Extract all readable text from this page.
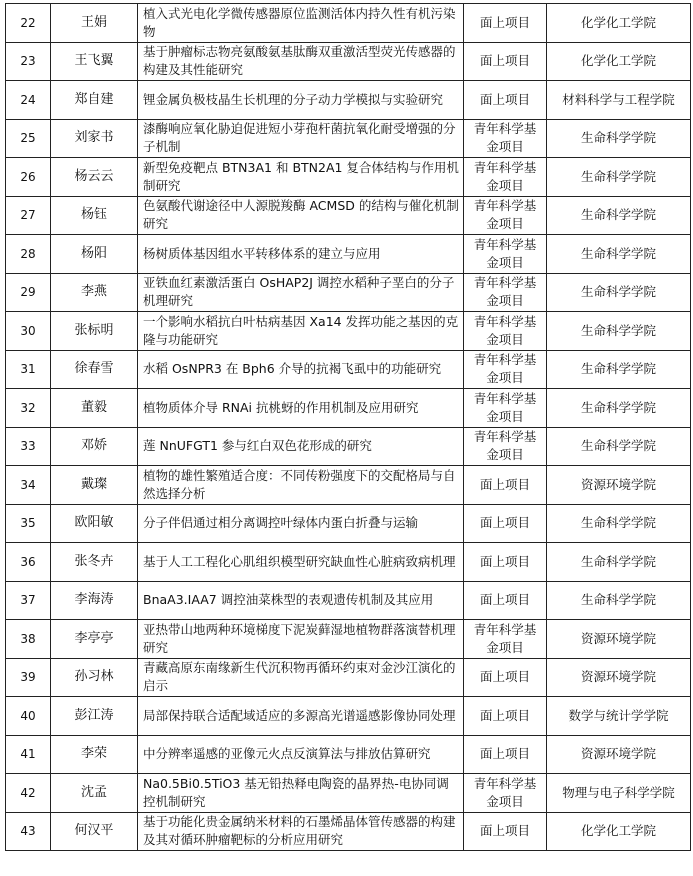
22	王娟	植入式光电化学微传感器原位监测活体内持久性有机污染物	面上项目	化学化工学院
23	王飞翼	基于肿瘤标志物亮氨酸氨基肽酶双重激活型荧光传感器的构建及其性能研究	面上项目	化学化工学院
24	郑自建	锂金属负极枝晶生长机理的分子动力学模拟与实验研究	面上项目	材料科学与工程学院
25	刘家书	漆酶响应氧化胁迫促进短小芽孢杆菌抗氧化耐受增强的分子机制	青年科学基金项目	生命科学学院
26	杨云云	新型免疫靶点 BTN3A1 和 BTN2A1 复合体结构与作用机制研究	青年科学基金项目	生命科学学院
27	杨钰	色氨酸代谢途径中人源脱羧酶 ACMSD 的结构与催化机制研究	青年科学基金项目	生命科学学院
28	杨阳	杨树质体基因组水平转移体系的建立与应用	青年科学基金项目	生命科学学院
29	李燕	亚铁血红素激活蛋白 OsHAP2J 调控水稻种子垩白的分子机理研究	青年科学基金项目	生命科学学院
30	张标明	一个影响水稻抗白叶枯病基因 Xa14 发挥功能之基因的克隆与功能研究	青年科学基金项目	生命科学学院
31	徐春雪	水稻 OsNPR3 在 Bph6 介导的抗褐飞虱中的功能研究	青年科学基金项目	生命科学学院
32	董毅	植物质体介导 RNAi 抗桃蚜的作用机制及应用研究	青年科学基金项目	生命科学学院
33	邓娇	莲 NnUFGT1 参与红白双色花形成的研究	青年科学基金项目	生命科学学院
34	戴璨	植物的雄性繁殖适合度：不同传粉强度下的交配格局与自然选择分析	面上项目	资源环境学院
35	欧阳敏	分子伴侣通过相分离调控叶绿体内蛋白折叠与运输	面上项目	生命科学学院
36	张冬卉	基于人工工程化心肌组织模型研究缺血性心脏病致病机理	面上项目	生命科学学院
37	李海涛	BnaA3.IAA7 调控油菜株型的表观遗传机制及其应用	面上项目	生命科学学院
38	李亭亭	亚热带山地两种环境梯度下泥炭藓湿地植物群落演替机理研究	青年科学基金项目	资源环境学院
39	孙习林	青藏高原东南缘新生代沉积物再循环约束对金沙江演化的启示	面上项目	资源环境学院
40	彭江涛	局部保持联合适配域适应的多源高光谱遥感影像协同处理	面上项目	数学与统计学学院
41	李荣	中分辨率遥感的亚像元火点反演算法与排放估算研究	面上项目	资源环境学院
42	沈孟	Na0.5Bi0.5TiO3 基无铅热释电陶瓷的晶界热-电协同调控机制研究	青年科学基金项目	物理与电子科学学院
43	何汉平	基于功能化贵金属纳米材料的石墨烯晶体管传感器的构建及其对循环肿瘤靶标的分析应用研究	面上项目	化学化工学院
